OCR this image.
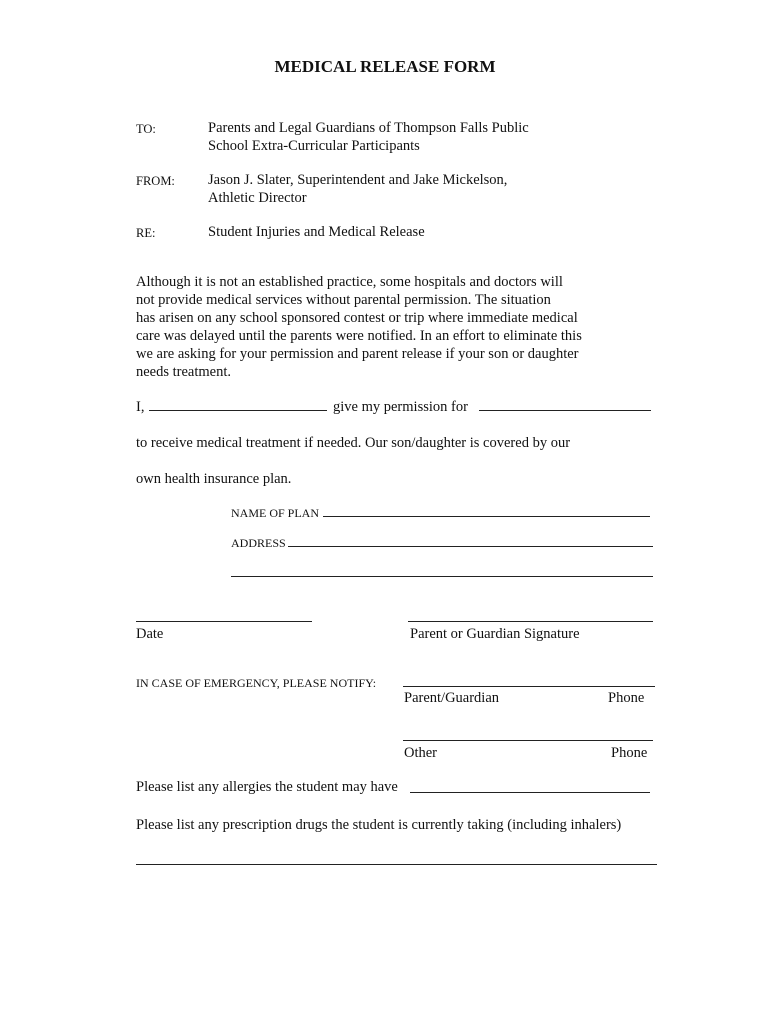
MEDICAL RELEASE FORM
TO:	Parents and Legal Guardians of Thompson Falls Public
School Extra-Curricular Participants
FROM: Jason J. Slater, Superintendent and Jake Mickelson,
Athletic Director
RE:	Student Injuries and Medical Release
Although it is not an established practice, some hospitals and doctors will
not provide medical services without parental permission. The situation
has arisen on any school sponsored contest or trip where immediate medical
care was delayed until the parents were notified. In an effort to eliminate this
we are asking for your permission and parent release if your son or daughter
needs treatment.
I,	give my permission for
to receive medical treatment if needed. Our son/daughter is covered by our
own health insurance plan.
NAME OF PLAN
ADDRESS
Date	Parent or Guardian Signature
IN CASE OF EMERGENCY, PLEASE NOTIFY:
Parent/Guardian	Phone
Other	Phone
Please list any allergies the student may have
Please list any prescription drugs the student is currently taking (including inhalers)
